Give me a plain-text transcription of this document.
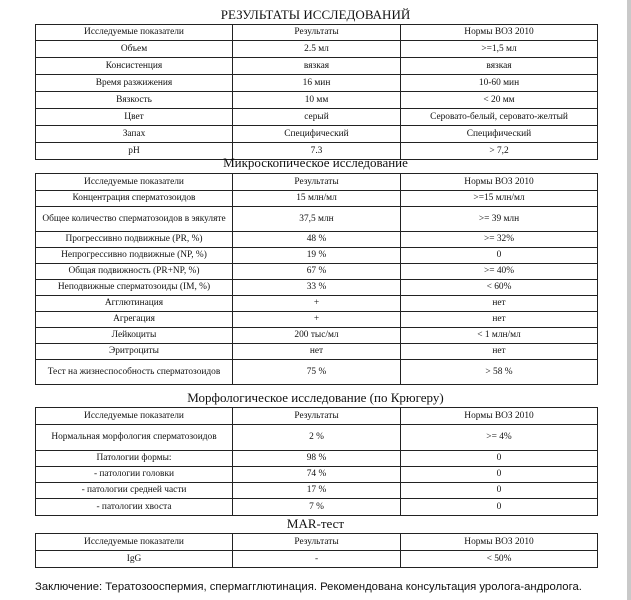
РЕЗУЛЬТАТЫ ИССЛЕДОВАНИЙ
Исследуемые показатели	Результаты	Нормы ВОЗ 2010
Объем	2.5 мл	>=1,5 мл
Консистенция	вязкая	вязкая
Время разжижения	16 мин	10-60 мин
Вязкость	10 мм	< 20 мм
Цвет	серый	Серовато-белый, серовато-желтый
Запах	Специфический	Специфический
pH	7.3	> 7,2
Микроскопическое исследование
Исследуемые показатели	Результаты	Нормы ВОЗ 2010
Концентрация сперматозоидов	15 млн/мл	>=15 млн/мл
Общее количество сперматозоидов в эякуляте	37,5 млн	>= 39 млн
Прогрессивно подвижные (PR, %)	48 %	>= 32%
Непрогрессивно подвижные (NP, %)	19 %	0
Общая подвижность (PR+NP, %)	67 %	>= 40%
Неподвижные сперматозоиды (IM, %)	33 %	< 60%
Агглютинация	+	нет
Агрегация	+	нет
Лейкоциты	200 тыс/мл	< 1 млн/мл
Эритроциты	нет	нет
Тест на жизнеспособность сперматозоидов	75 %	> 58 %
Морфологическое исследование (по Крюгеру)
Исследуемые показатели	Результаты	Нормы ВОЗ 2010
Нормальная морфология сперматозоидов	2 %	>= 4%
Патологии формы:	98 %	0
- патологии головки	74 %	0
- патологии средней части	17 %	0
- патологии хвоста	7 %	0
MAR-тест
Исследуемые показатели	Результаты	Нормы ВОЗ 2010
IgG	-	< 50%
Заключение: Тератозооспермия, спермагглютинация. Рекомендована консультация уролога-андролога.
